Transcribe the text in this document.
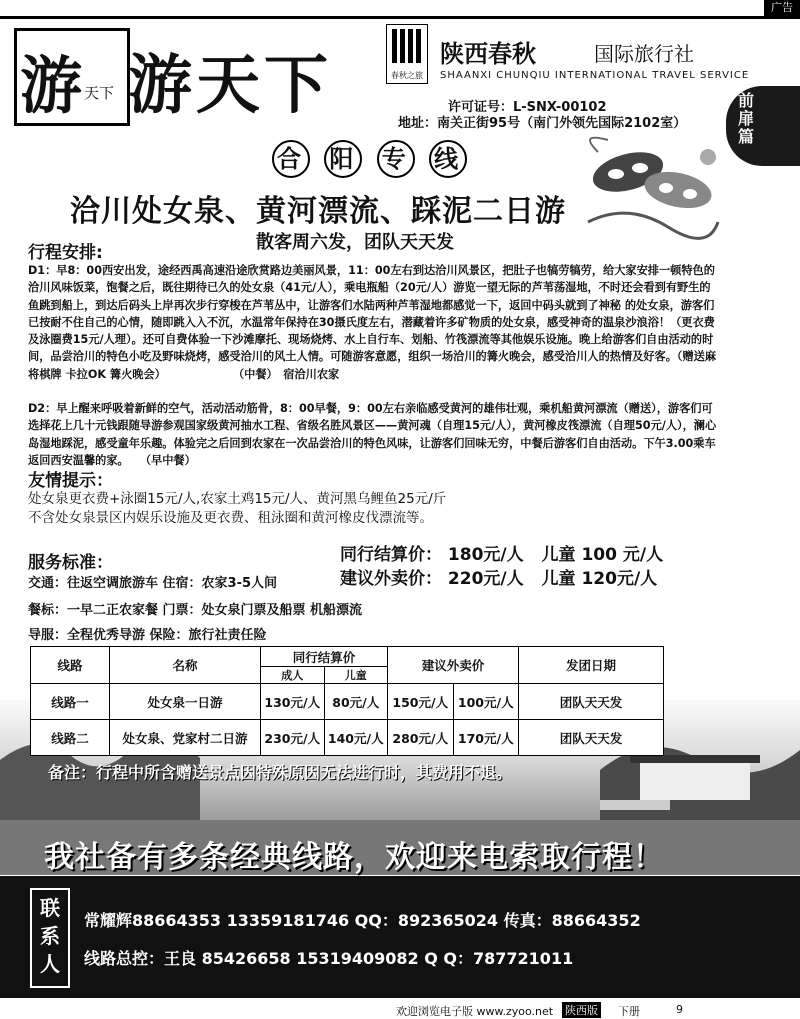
广告
游 天下 游天下	春秋之旅
陕西春秋	国际旅行社
SHAANXI CHUNQIU INTERNATIONAL TRAVEL SERVICE
许可证号：L-SNX-00102
地址：南关正街95号（南门外领先国际2102室）
前扉篇
合 阳 专 线
洽川处女泉、黄河漂流、踩泥二日游
散客周六发，团队天天发
行程安排:
D1：早8：00西安出发，途经西禹高速沿途欣赏路边美丽风景，11：00左右到达洽川风景区，把肚子也犒劳犒劳，给大家安排一顿特色的洽川风味饭菜，饱餐之后，既往期待已久的处女泉（41元/人），乘电瓶船（20元/人）游览一望无际的芦苇荡湿地，不时还会看到有野生的鱼跳到船上，到达后码头上岸再次步行穿梭在芦苇丛中，让游客们水陆两种芦苇湿地都感觉一下，返回中码头就到了神秘 的处女泉，游客们已按耐不住自己的心情，随即跳入入不沉，水温常年保持在30摄氏度左右，潜藏着许多矿物质的处女泉，感受神奇的温泉沙浪浴！（更衣费及泳圈费15元/人理）。还可自费体验一下沙滩摩托、现场烧烤、水上自行车、划船、竹筏漂流等其他娱乐设施。晚上给游客们自由活动的时间，品尝洽川的特色小吃及野味烧烤，感受洽川的风土人情。可随游客意愿，组织一场洽川的篝火晚会，感受洽川人的热情及好客。（赠送麻将棋牌 卡拉OK 篝火晚会）　　　　　　　（中餐）　宿洽川农家
D2：早上醒来呼吸着新鲜的空气，活动活动筋骨，8：00早餐，9：00左右亲临感受黄河的雄伟壮观，乘机船黄河漂流（赠送），游客们可选择花上几十元钱跟随导游参观国家级黄河抽水工程、省级名胜风景区——黄河魂（自理15元/人），黄河橡皮筏漂流（自理50元/人），澜心岛湿地踩泥，感受童年乐趣。体验完之后回到农家在一次品尝洽川的特色风味，让游客们回味无穷，中餐后游客们自由活动。下午3.00乘车返回西安温馨的家。　　（早中餐）
友情提示：
处女泉更衣费+泳圈15元/人,农家土鸡15元/人、黄河黑乌鲤鱼25元/斤
不含处女泉景区内娱乐设施及更衣费、租泳圈和黄河橡皮伐漂流等。
服务标准：
交通：往返空调旅游车 住宿：农家3-5人间
餐标：一早二正农家餐 门票：处女泉门票及船票 机船漂流
导服：全程优秀导游 保险：旅行社责任险
同行结算价： 180元/人 儿童 100 元/人
建议外卖价： 220元/人 儿童 120元/人
线路	名称	同行结算价		建议外卖价		发团日期
		成人	儿童			
线路一	处女泉一日游	130元/人	80元/人	150元/人	100元/人	团队天天发
线路二	处女泉、党家村二日游	230元/人	140元/人	280元/人	170元/人	团队天天发
备注：行程中所含赠送景点因特殊原因无法进行时，其费用不退。
我社备有多条经典线路，欢迎来电索取行程！
联系人
常耀辉88664353 13359181746 QQ：892365024 传真：88664352
线路总控：王良 85426658 15319409082 Q Q：787721011
欢迎浏览电子版 www.zyoo.net 陕西版 下册	9
